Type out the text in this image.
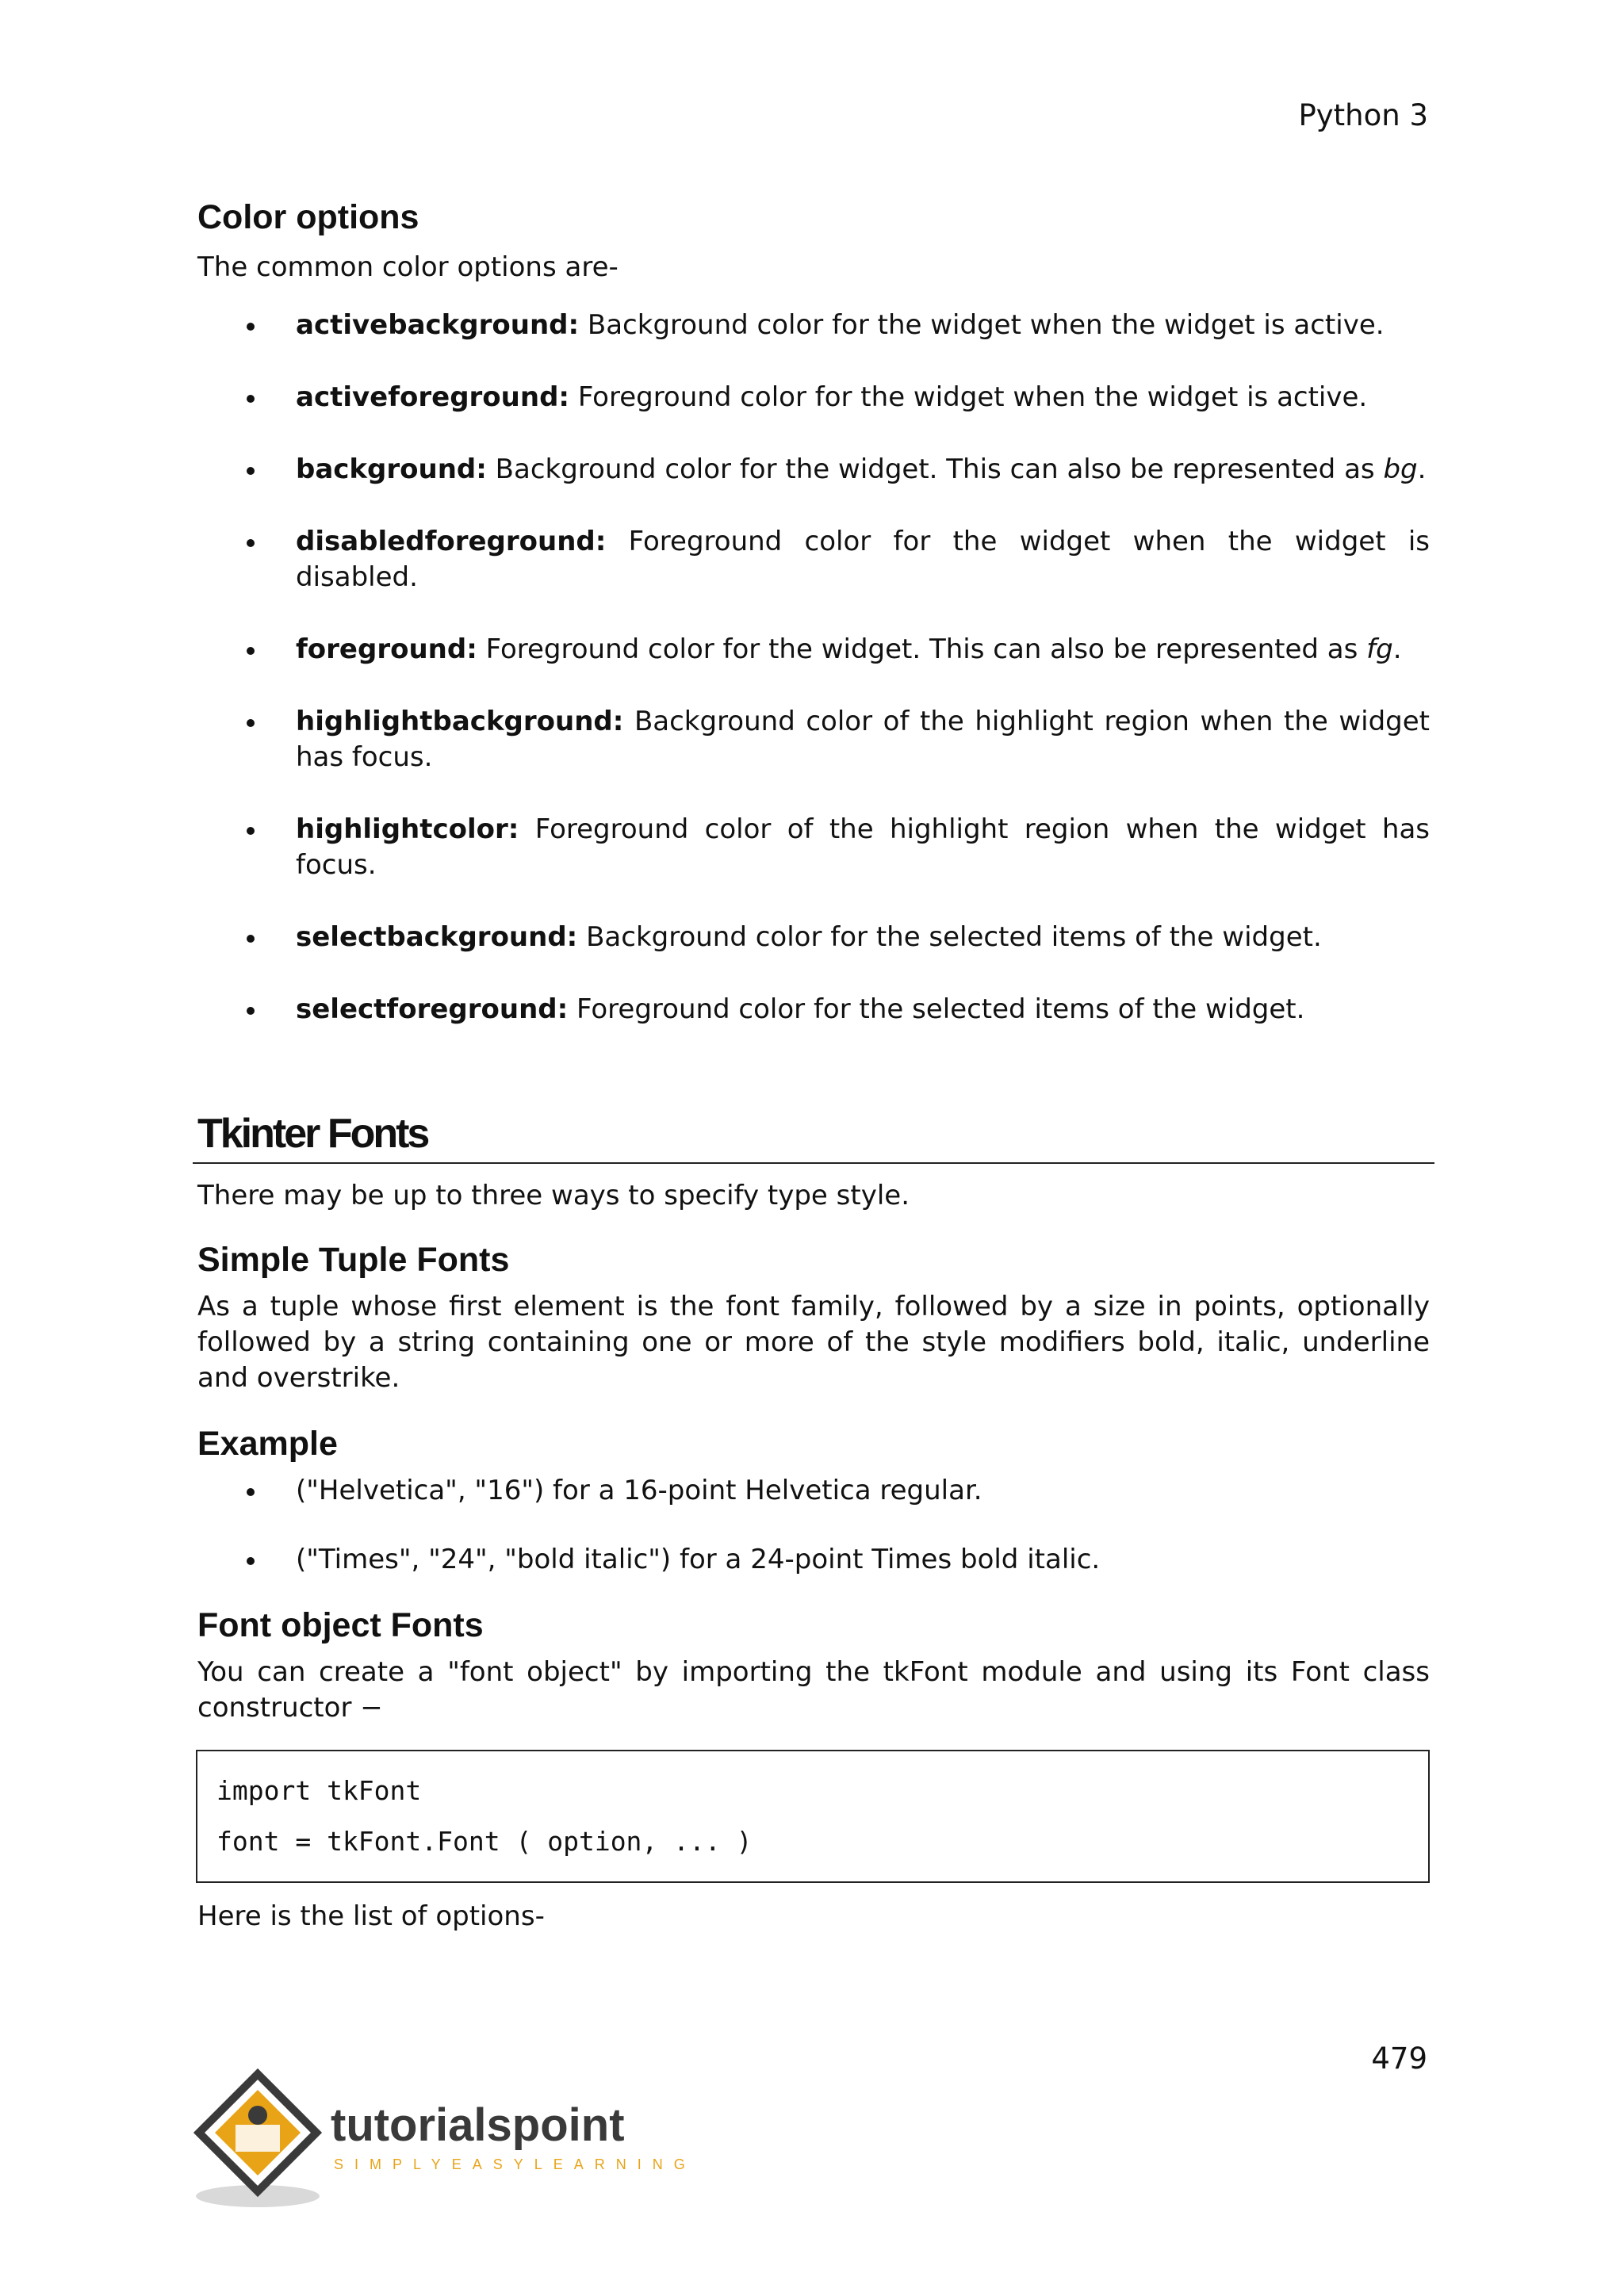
Python 3
Color options

The common color options are-

activebackground: Background color for the widget when the widget is active.
activeforeground: Foreground color for the widget when the widget is active.
background: Background color for the widget. This can also be represented as bg.
disabledforeground: Foreground color for the widget when the widget is disabled.
foreground: Foreground color for the widget. This can also be represented as fg.
highlightbackground: Background color of the highlight region when the widget has focus.
highlightcolor: Foreground color of the highlight region when the widget has focus.
selectbackground: Background color for the selected items of the widget.
selectforeground: Foreground color for the selected items of the widget.
Tkinter Fonts

There may be up to three ways to specify type style.

Simple Tuple Fonts

As a tuple whose first element is the font family, followed by a size in points, optionally followed by a string containing one or more of the style modifiers bold, italic, underline and overstrike.

Example
("Helvetica", "16") for a 16-point Helvetica regular.
("Times", "24", "bold italic") for a 24-point Times bold italic.
Font object Fonts

You can create a "font object" by importing the tkFont module and using its Font class constructor −

import tkFont
font = tkFont.Font ( option, ... )

Here is the list of options-

479
tutorialspoint
SIMPLYEASYLEARNING
